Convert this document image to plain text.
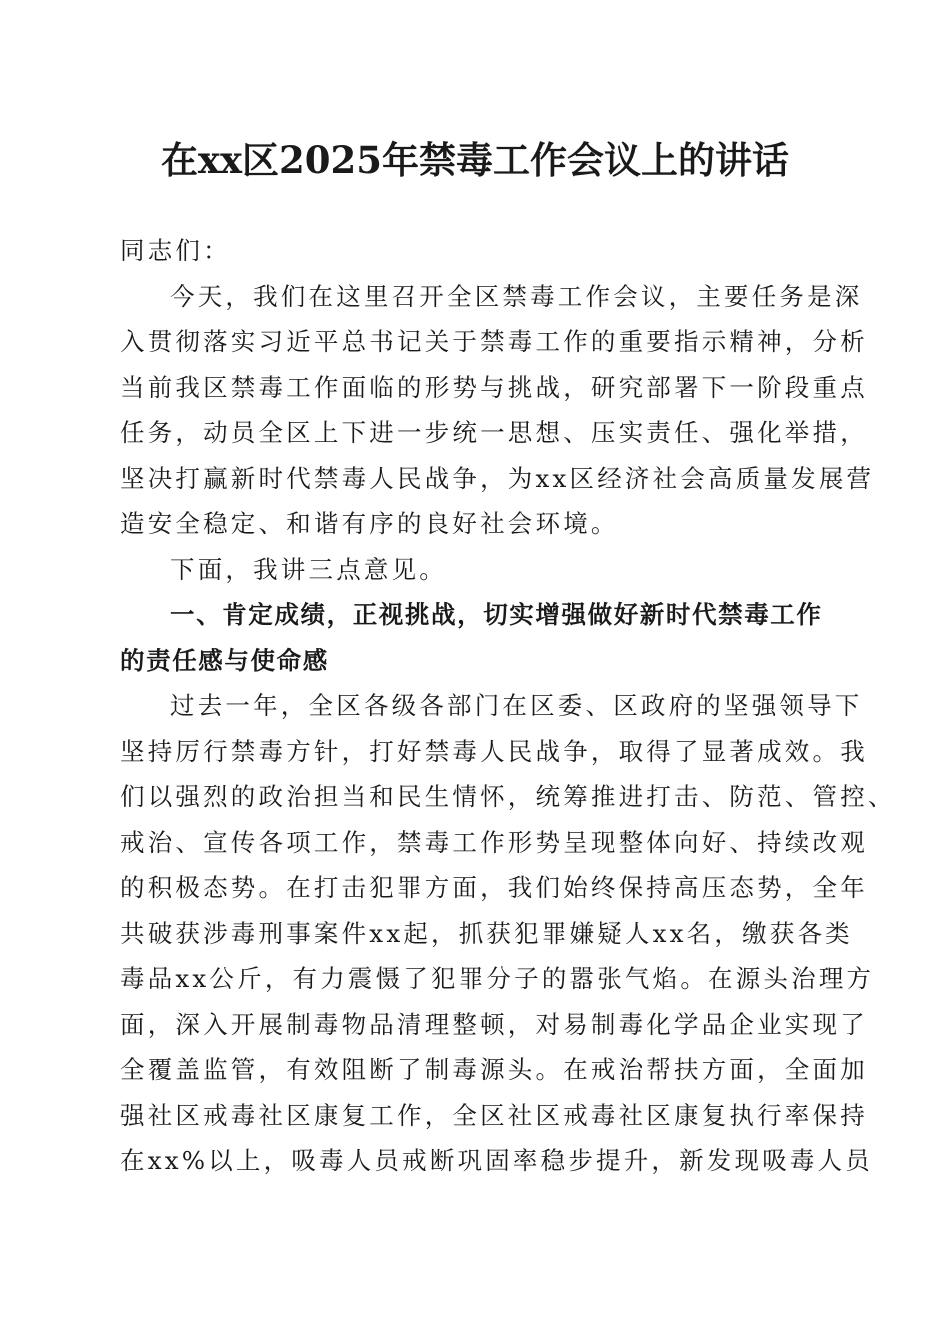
在xx区2025年禁毒工作会议上的讲话
同志们：
今天，我们在这里召开全区禁毒工作会议，主要任务是深
入贯彻落实习近平总书记关于禁毒工作的重要指示精神，分析
当前我区禁毒工作面临的形势与挑战，研究部署下一阶段重点
任务，动员全区上下进一步统一思想、压实责任、强化举措，
坚决打赢新时代禁毒人民战争，为xx区经济社会高质量发展营
造安全稳定、和谐有序的良好社会环境。
下面，我讲三点意见。
一、肯定成绩，正视挑战，切实增强做好新时代禁毒工作
的责任感与使命感
过去一年，全区各级各部门在区委、区政府的坚强领导下
坚持厉行禁毒方针，打好禁毒人民战争，取得了显著成效。我
们以强烈的政治担当和民生情怀，统筹推进打击、防范、管控、
戒治、宣传各项工作，禁毒工作形势呈现整体向好、持续改观
的积极态势。在打击犯罪方面，我们始终保持高压态势，全年
共破获涉毒刑事案件xx起，抓获犯罪嫌疑人xx名，缴获各类
毒品xx公斤，有力震慑了犯罪分子的嚣张气焰。在源头治理方
面，深入开展制毒物品清理整顿，对易制毒化学品企业实现了
全覆盖监管，有效阻断了制毒源头。在戒治帮扶方面，全面加
强社区戒毒社区康复工作，全区社区戒毒社区康复执行率保持
在xx%以上，吸毒人员戒断巩固率稳步提升，新发现吸毒人员
